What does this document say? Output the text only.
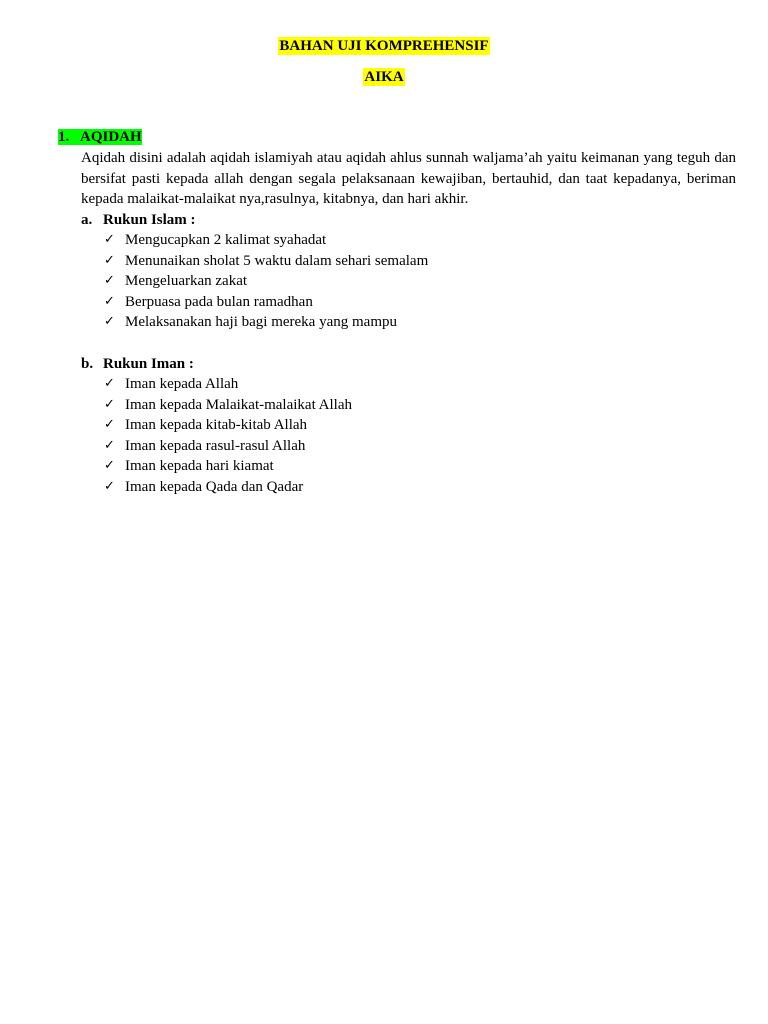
BAHAN UJI KOMPREHENSIF
AIKA
1. AQIDAH

Aqidah disini adalah aqidah islamiyah atau aqidah ahlus sunnah waljama’ah yaitu keimanan yang teguh dan

bersifat pasti kepada allah dengan segala pelaksanaan kewajiban, bertauhid, dan taat kepadanya, beriman

kepada malaikat-malaikat nya,rasulnya, kitabnya, dan hari akhir.

a. Rukun Islam :
✓ Mengucapkan 2 kalimat syahadat
✓ Menunaikan sholat 5 waktu dalam sehari semalam
✓ Mengeluarkan zakat
✓ Berpuasa pada bulan ramadhan
✓ Melaksanakan haji bagi mereka yang mampu
b. Rukun Iman :
✓ Iman kepada Allah
✓ Iman kepada Malaikat-malaikat Allah
✓ Iman kepada kitab-kitab Allah
✓ Iman kepada rasul-rasul Allah
✓ Iman kepada hari kiamat
✓ Iman kepada Qada dan Qadar
